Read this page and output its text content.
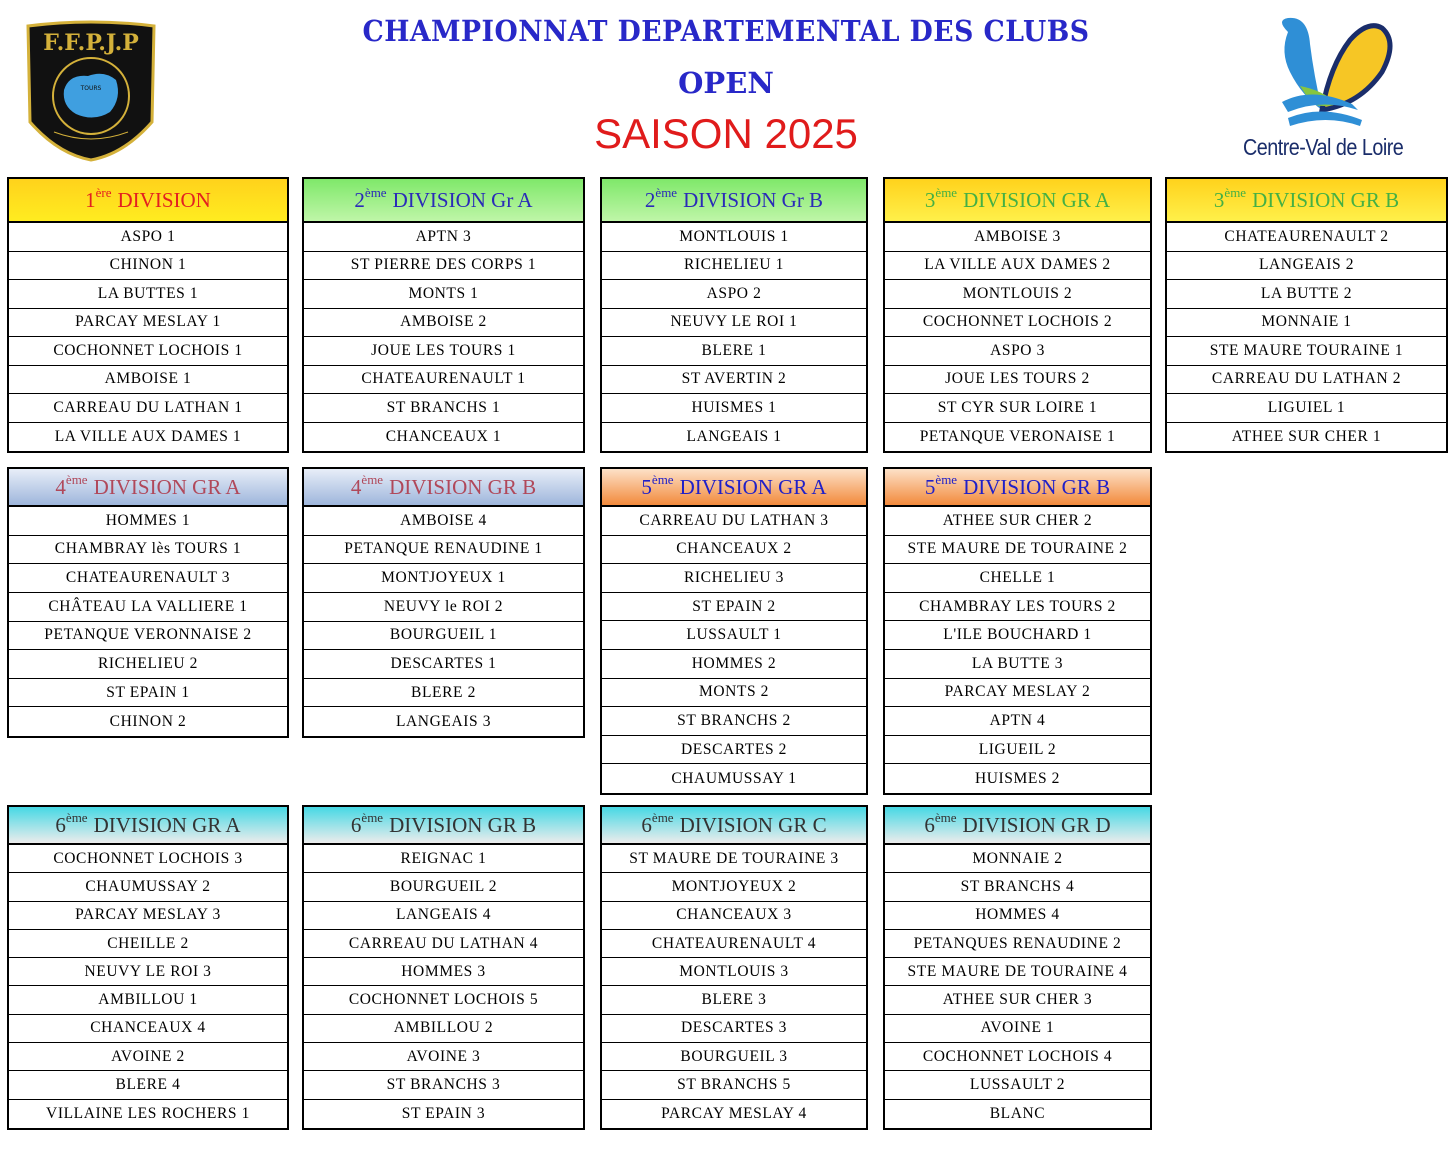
CHAMPIONNAT DEPARTEMENTAL DES CLUBS
OPEN
SAISON 2025
F.F.P.J.P
TOURS
Centre-Val de Loire
1ère DIVISION
ASPO 1
CHINON 1
LA BUTTES 1
PARCAY MESLAY 1
COCHONNET LOCHOIS 1
AMBOISE 1
CARREAU DU LATHAN 1
LA VILLE AUX DAMES 1
2ème DIVISION Gr A
APTN 3
ST PIERRE DES CORPS 1
MONTS 1
AMBOISE 2
JOUE LES TOURS 1
CHATEAURENAULT 1
ST BRANCHS 1
CHANCEAUX 1
2ème DIVISION Gr B
MONTLOUIS 1
RICHELIEU 1
ASPO 2
NEUVY LE ROI 1
BLERE 1
ST AVERTIN 2
HUISMES 1
LANGEAIS 1
3ème DIVISION GR A
AMBOISE 3
LA VILLE AUX DAMES 2
MONTLOUIS 2
COCHONNET LOCHOIS 2
ASPO 3
JOUE LES TOURS 2
ST CYR SUR LOIRE 1
PETANQUE VERONAISE 1
3ème DIVISION GR B
CHATEAURENAULT 2
LANGEAIS 2
LA BUTTE 2
MONNAIE 1
STE MAURE TOURAINE 1
CARREAU DU LATHAN 2
LIGUIEL 1
ATHEE SUR CHER 1
4ème DIVISION GR A
HOMMES 1
CHAMBRAY lès TOURS 1
CHATEAURENAULT 3
CHÂTEAU LA VALLIERE 1
PETANQUE VERONNAISE 2
RICHELIEU 2
ST EPAIN 1
CHINON 2
4ème DIVISION GR B
AMBOISE 4
PETANQUE RENAUDINE 1
MONTJOYEUX 1
NEUVY le ROI 2
BOURGUEIL 1
DESCARTES 1
BLERE 2
LANGEAIS 3
5ème DIVISION GR A
CARREAU DU LATHAN 3
CHANCEAUX 2
RICHELIEU 3
ST EPAIN 2
LUSSAULT 1
HOMMES 2
MONTS 2
ST BRANCHS 2
DESCARTES 2
CHAUMUSSAY 1
5ème DIVISION GR B
ATHEE SUR CHER 2
STE MAURE DE TOURAINE 2
CHELLE 1
CHAMBRAY LES TOURS 2
L'ILE BOUCHARD 1
LA BUTTE 3
PARCAY MESLAY 2
APTN 4
LIGUEIL 2
HUISMES 2
6ème DIVISION GR A
COCHONNET LOCHOIS 3
CHAUMUSSAY 2
PARCAY MESLAY 3
CHEILLE 2
NEUVY LE ROI 3
AMBILLOU 1
CHANCEAUX 4
AVOINE 2
BLERE 4
VILLAINE LES ROCHERS 1
6ème DIVISION GR B
REIGNAC 1
BOURGUEIL 2
LANGEAIS 4
CARREAU DU LATHAN 4
HOMMES 3
COCHONNET LOCHOIS 5
AMBILLOU 2
AVOINE 3
ST BRANCHS 3
ST EPAIN 3
6ème DIVISION GR C
ST MAURE DE TOURAINE 3
MONTJOYEUX 2
CHANCEAUX 3
CHATEAURENAULT 4
MONTLOUIS 3
BLERE 3
DESCARTES 3
BOURGUEIL 3
ST BRANCHS 5
PARCAY MESLAY 4
6ème DIVISION GR D
MONNAIE 2
ST BRANCHS 4
HOMMES 4
PETANQUES RENAUDINE 2
STE MAURE DE TOURAINE 4
ATHEE SUR CHER 3
AVOINE 1
COCHONNET LOCHOIS 4
LUSSAULT 2
BLANC
